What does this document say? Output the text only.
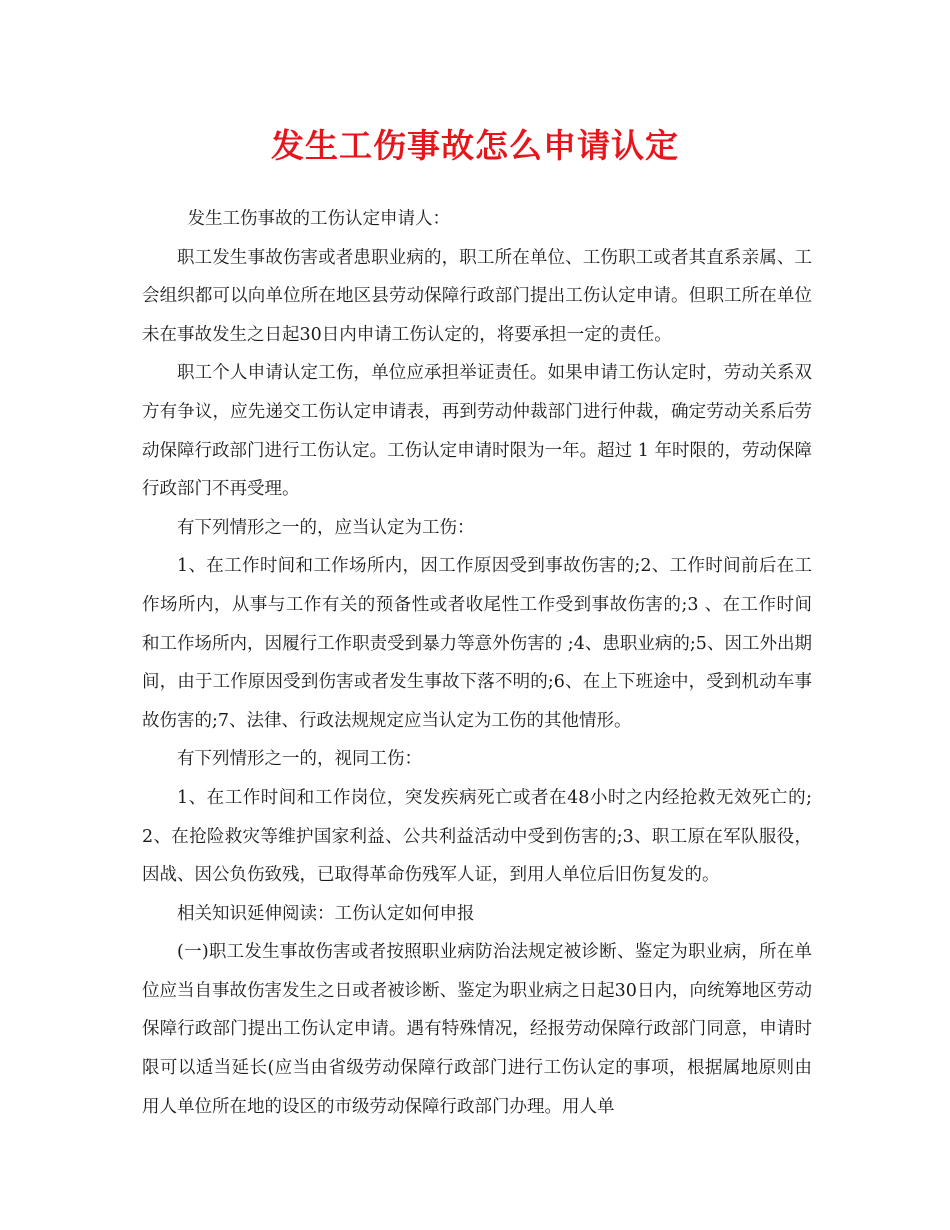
发生工伤事故怎么申请认定

发生工伤事故的工伤认定申请人：

职工发生事故伤害或者患职业病的，职工所在单位、工伤职工或者其直系亲属、工会组织都可以向单位所在地区县劳动保障行政部门提出工伤认定申请。但职工所在单位未在事故发生之日起30日内申请工伤认定的，将要承担一定的责任。

职工个人申请认定工伤，单位应承担举证责任。如果申请工伤认定时，劳动关系双方有争议，应先递交工伤认定申请表，再到劳动仲裁部门进行仲裁，确定劳动关系后劳动保障行政部门进行工伤认定。工伤认定申请时限为一年。超过 1 年时限的，劳动保障行政部门不再受理。

有下列情形之一的，应当认定为工伤：

1、在工作时间和工作场所内，因工作原因受到事故伤害的;2、工作时间前后在工作场所内，从事与工作有关的预备性或者收尾性工作受到事故伤害的;3 、在工作时间和工作场所内，因履行工作职责受到暴力等意外伤害的 ;4、患职业病的;5、因工外出期间，由于工作原因受到伤害或者发生事故下落不明的;6、在上下班途中，受到机动车事故伤害的;7、法律、行政法规规定应当认定为工伤的其他情形。

有下列情形之一的，视同工伤：

1、在工作时间和工作岗位，突发疾病死亡或者在48小时之内经抢救无效死亡的;2、在抢险救灾等维护国家利益、公共利益活动中受到伤害的;3、职工原在军队服役，因战、因公负伤致残，已取得革命伤残军人证，到用人单位后旧伤复发的。

相关知识延伸阅读：工伤认定如何申报

(一)职工发生事故伤害或者按照职业病防治法规定被诊断、鉴定为职业病，所在单位应当自事故伤害发生之日或者被诊断、鉴定为职业病之日起30日内，向统筹地区劳动保障行政部门提出工伤认定申请。遇有特殊情况，经报劳动保障行政部门同意，申请时限可以适当延长(应当由省级劳动保障行政部门进行工伤认定的事项，根据属地原则由用人单位所在地的设区的市级劳动保障行政部门办理。用人单
